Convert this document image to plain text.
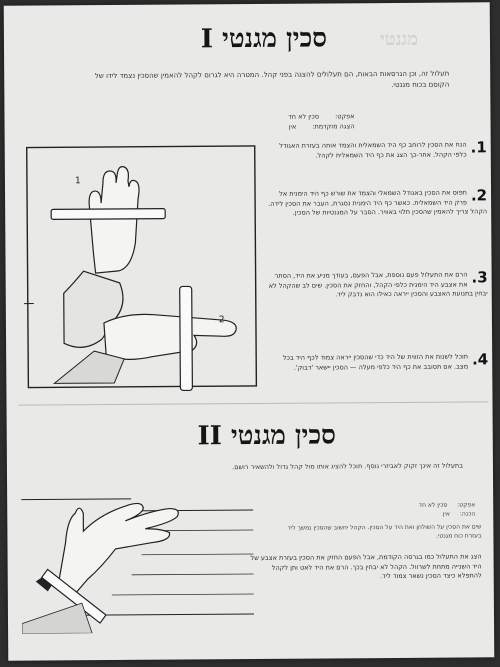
מגנטי
סכין מגנטי I
תעלול זה, וכן הגרסאות הבאות, הם תעלולים להצגה בפני קהל. המטרה היא לגרום לקהל להאמין שהסכין נצמד לידו של הקוסם בכוח מגנטי.
אפקט:
סכין לא חד
הצגה מוקדמת:
אין
1
2
1.
הנח את הסכין לרוחב כף היד השמאלית והצמד אותה בעזרת האגודל כלפי הקהל. אחר-כך הצג את כף היד השמאלית לקהל.
2.
תפוס את הסכין באגודל השמאלי והצמד את שורש כף היד הימנית אל פרק היד השמאלית. כאשר כף היד הימנית נסגרת, העבר את הסכין לידה. הקהל צריך להאמין שהסכין תלוי באוויר. הסבר על המגנטיות של הסכין.
3.
הרם את התעלול פעם נוספת, אבל הפעם, בעודך מניע את היד, הסתר את אצבע היד הימנית כלפי הקהל, והחזק את הסכין. שים לב שהקהל לא יבחין בתנועת האצבע והסכין ייראה כאילו הוא נדבק ליד.
4.
תוכל לשנות את הזווית של היד כדי שהסכין ייראה צמוד לכף היד בכל מצב. אם תסובב את כף היד כלפי מעלה — הסכין יישאר 'דבוק'.
סכין מגנטי II
בתעלול זה אינך זקוק לאביזרי נוסף. תוכל להציג אותו מול קהל גדול ולהשאיר רושם.
אפקט:
סכין לא חד
הכנה:
אין
שים את הסכין על השולחן ואת היד על הסכין. הקהל יחשוב שהסכין נמשך ליד בעזרת כוח מגנטי.
הצג את התעלול כמו בגרסה הקודמת, אבל הפעם החזק את הסכין בעזרת אצבע של היד השנייה מתחת לשרוול. הקהל לא יבחין בכך. הרם את היד לאט ותן לקהל להתפלא כיצד הסכין נשאר צמוד ליד.
